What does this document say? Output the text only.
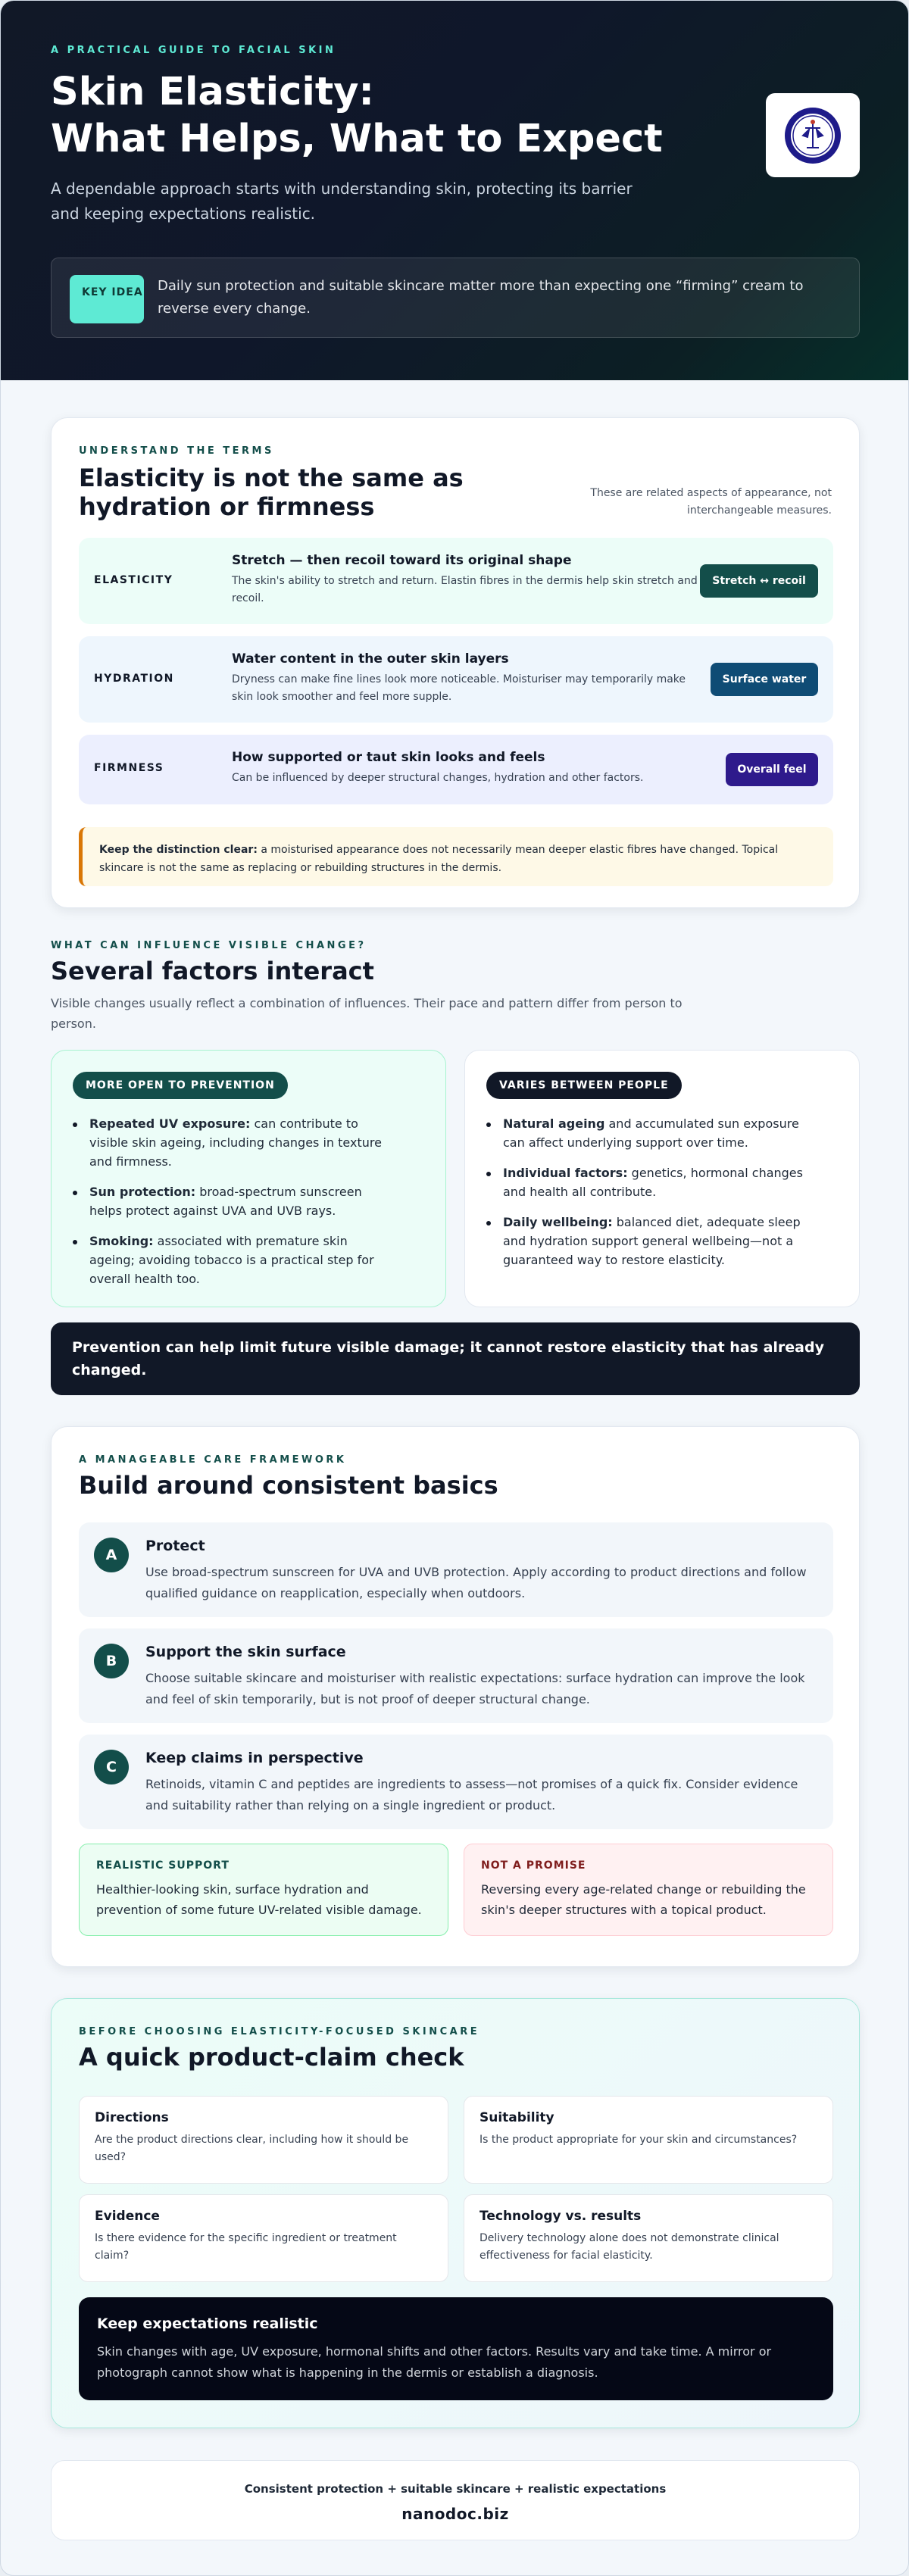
A PRACTICAL GUIDE TO FACIAL SKIN
Skin Elasticity:
What Helps, What to Expect

A dependable approach starts with understanding skin, protecting its barrier and keeping expectations realistic.

KEY IDEA Daily sun protection and suitable skincare matter more than expecting one “firming” cream to reverse every change.
UNDERSTAND THE TERMS
Elasticity is not the same as hydration or firmness	These are related aspects of appearance, not interchangeable measures.
ELASTICITY
Stretch — then recoil toward its original shape
The skin's ability to stretch and return. Elastin fibres in the dermis help skin stretch and recoil.
Stretch ↔ recoil
HYDRATION
Water content in the outer skin layers
Dryness can make fine lines look more noticeable. Moisturiser may temporarily make skin look smoother and feel more supple.
Surface water
FIRMNESS
How supported or taut skin looks and feels
Can be influenced by deeper structural changes, hydration and other factors.
Overall feel
Keep the distinction clear: a moisturised appearance does not necessarily mean deeper elastic fibres have changed. Topical skincare is not the same as replacing or rebuilding structures in the dermis.
WHAT CAN INFLUENCE VISIBLE CHANGE?
Several factors interact

Visible changes usually reflect a combination of influences. Their pace and pattern differ from person to person.

MORE OPEN TO PREVENTION
Repeated UV exposure: can contribute to visible skin ageing, including changes in texture and firmness.
Sun protection: broad-spectrum sunscreen helps protect against UVA and UVB rays.
Smoking: associated with premature skin ageing; avoiding tobacco is a practical step for overall health too.
VARIES BETWEEN PEOPLE
Natural ageing and accumulated sun exposure can affect underlying support over time.
Individual factors: genetics, hormonal changes and health all contribute.
Daily wellbeing: balanced diet, adequate sleep and hydration support general wellbeing—not a guaranteed way to restore elasticity.
Prevention can help limit future visible damage; it cannot restore elasticity that has already changed.
A MANAGEABLE CARE FRAMEWORK
Build around consistent basics
A
Protect
Use broad-spectrum sunscreen for UVA and UVB protection. Apply according to product directions and follow qualified guidance on reapplication, especially when outdoors.
B
Support the skin surface
Choose suitable skincare and moisturiser with realistic expectations: surface hydration can improve the look and feel of skin temporarily, but is not proof of deeper structural change.
C
Keep claims in perspective
Retinoids, vitamin C and peptides are ingredients to assess—not promises of a quick fix. Consider evidence and suitability rather than relying on a single ingredient or product.
REALISTIC SUPPORT
Healthier-looking skin, surface hydration and prevention of some future UV-related visible damage.
NOT A PROMISE
Reversing every age-related change or rebuilding the skin's deeper structures with a topical product.
BEFORE CHOOSING ELASTICITY-FOCUSED SKINCARE
A quick product-claim check
Directions
Are the product directions clear, including how it should be used?
Suitability
Is the product appropriate for your skin and circumstances?
Evidence
Is there evidence for the specific ingredient or treatment claim?
Technology vs. results
Delivery technology alone does not demonstrate clinical effectiveness for facial elasticity.
Keep expectations realistic
Skin changes with age, UV exposure, hormonal shifts and other factors. Results vary and take time. A mirror or photograph cannot show what is happening in the dermis or establish a diagnosis.
Consistent protection + suitable skincare + realistic expectations
nanodoc.biz
